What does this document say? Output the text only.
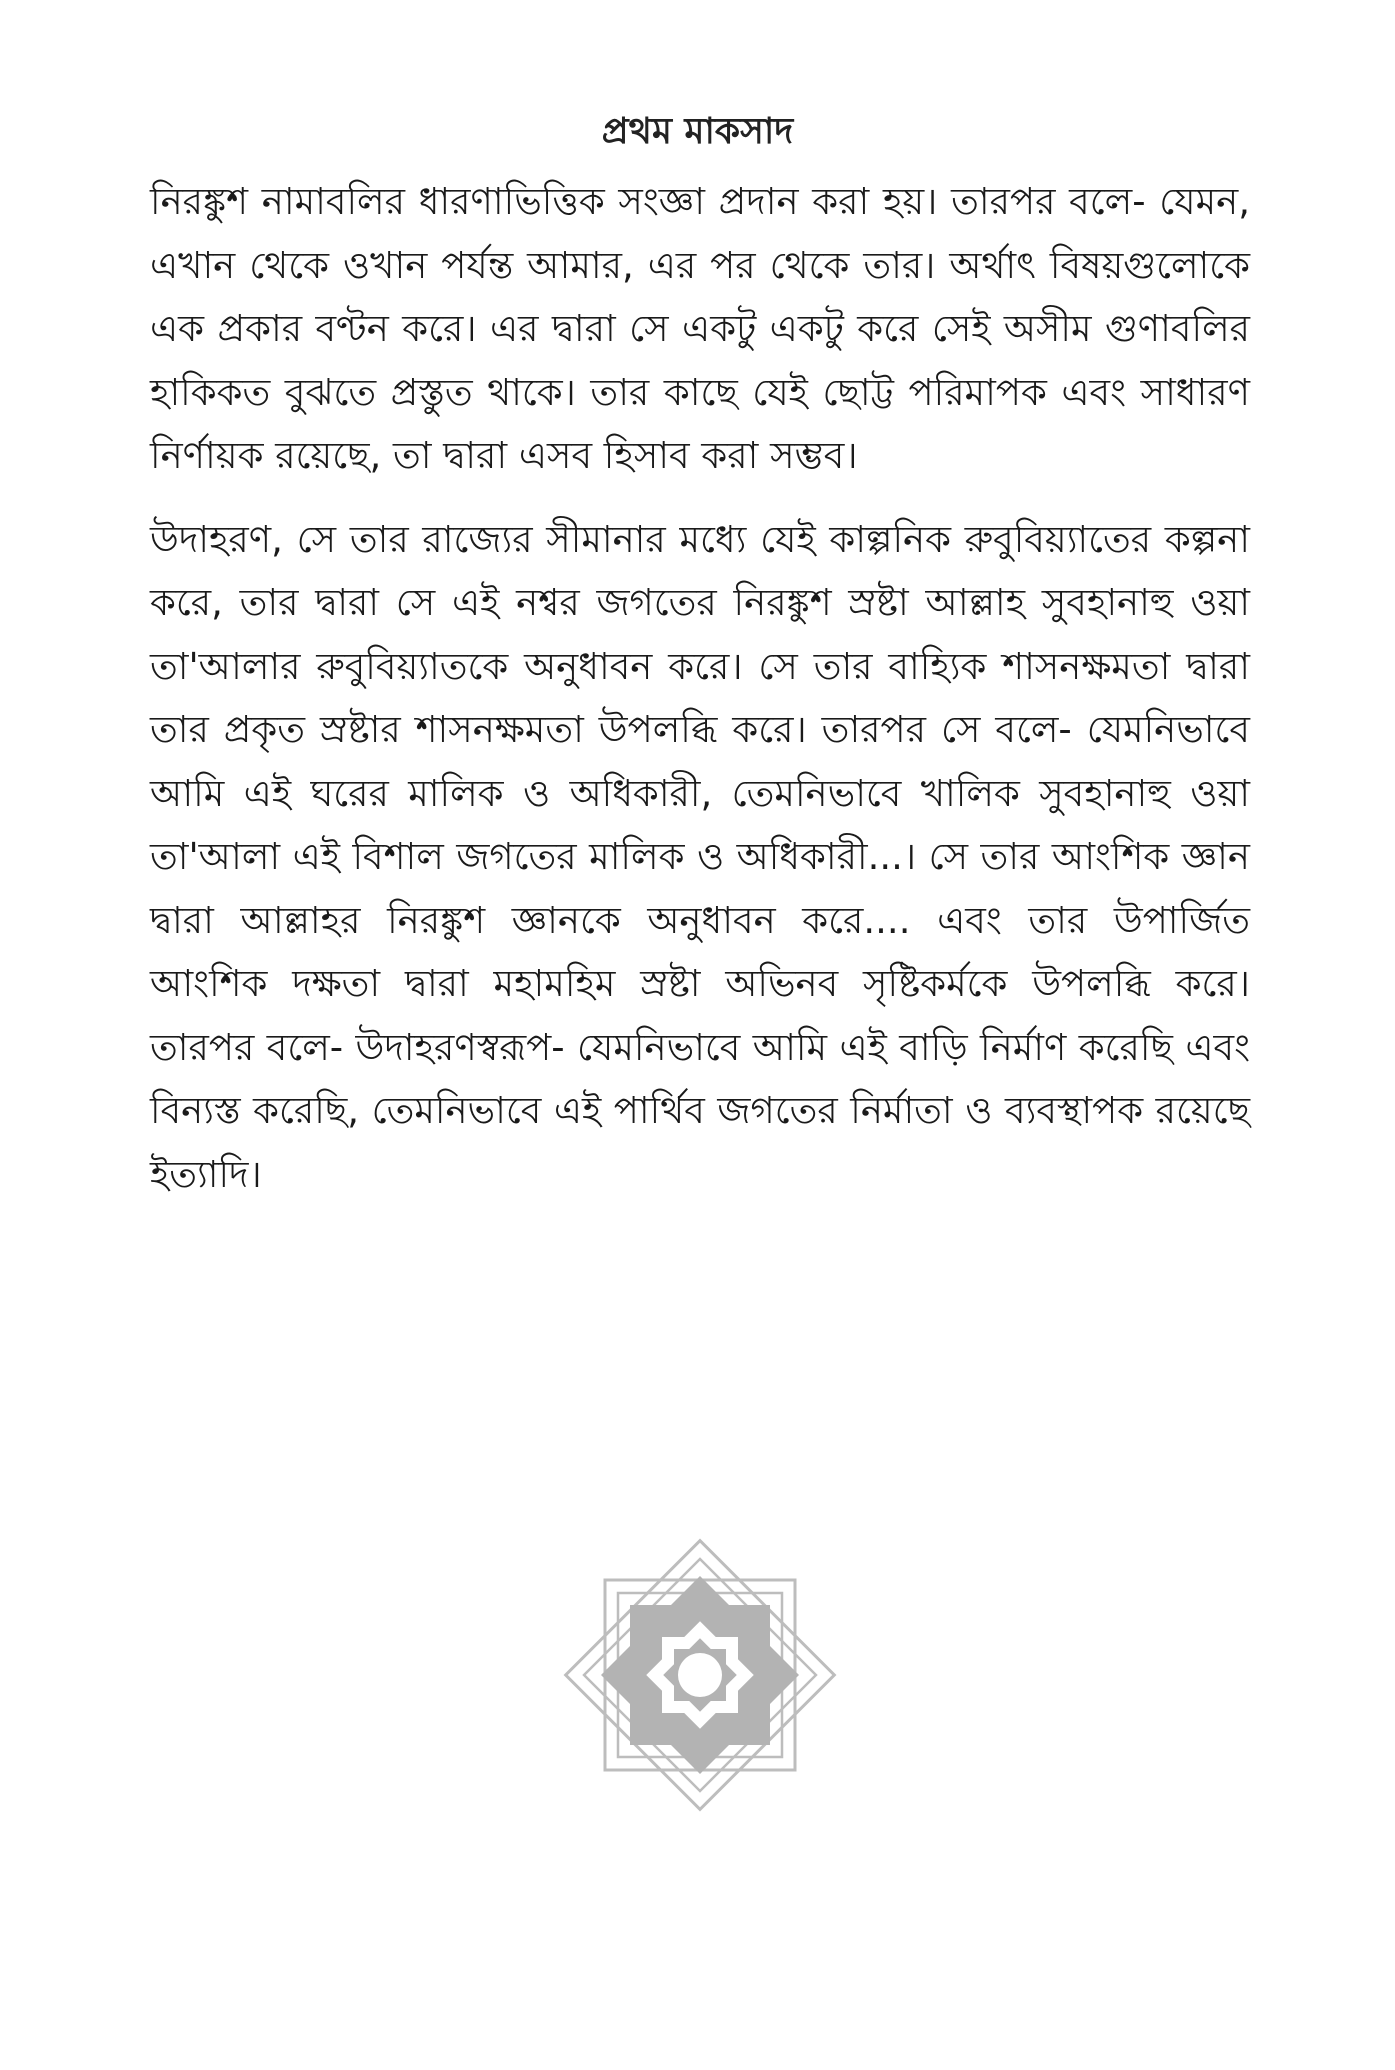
প্রথম মাকসাদ

নিরঙ্কুশ নামাবলির ধারণাভিত্তিক সংজ্ঞা প্রদান করা হয়। তারপর বলে- যেমন, এখান থেকে ওখান পর্যন্ত আমার, এর পর থেকে তার। অর্থাৎ বিষয়গুলোকে এক প্রকার বণ্টন করে। এর দ্বারা সে একটু একটু করে সেই অসীম গুণাবলির হাকিকত বুঝতে প্রস্তুত থাকে। তার কাছে যেই ছোট্ট পরিমাপক এবং সাধারণ নির্ণায়ক রয়েছে, তা দ্বারা এসব হিসাব করা সম্ভব।

উদাহরণ, সে তার রাজ্যের সীমানার মধ্যে যেই কাল্পনিক রুবুবিয়্যাতের কল্পনা করে, তার দ্বারা সে এই নশ্বর জগতের নিরঙ্কুশ স্রষ্টা আল্লাহ সুবহানাহু ওয়া তা'আলার রুবুবিয়্যাতকে অনুধাবন করে। সে তার বাহ্যিক শাসনক্ষমতা দ্বারা তার প্রকৃত স্রষ্টার শাসনক্ষমতা উপলব্ধি করে। তারপর সে বলে- যেমনিভাবে আমি এই ঘরের মালিক ও অধিকারী, তেমনিভাবে খালিক সুবহানাহু ওয়া তা'আলা এই বিশাল জগতের মালিক ও অধিকারী...। সে তার আংশিক জ্ঞান দ্বারা আল্লাহর নিরঙ্কুশ জ্ঞানকে অনুধাবন করে.... এবং তার উপার্জিত আংশিক দক্ষতা দ্বারা মহামহিম স্রষ্টা অভিনব সৃষ্টিকর্মকে উপলব্ধি করে। তারপর বলে- উদাহরণস্বরূপ- যেমনিভাবে আমি এই বাড়ি নির্মাণ করেছি এবং বিন্যস্ত করেছি, তেমনিভাবে এই পার্থিব জগতের নির্মাতা ও ব্যবস্থাপক রয়েছে ইত্যাদি।
